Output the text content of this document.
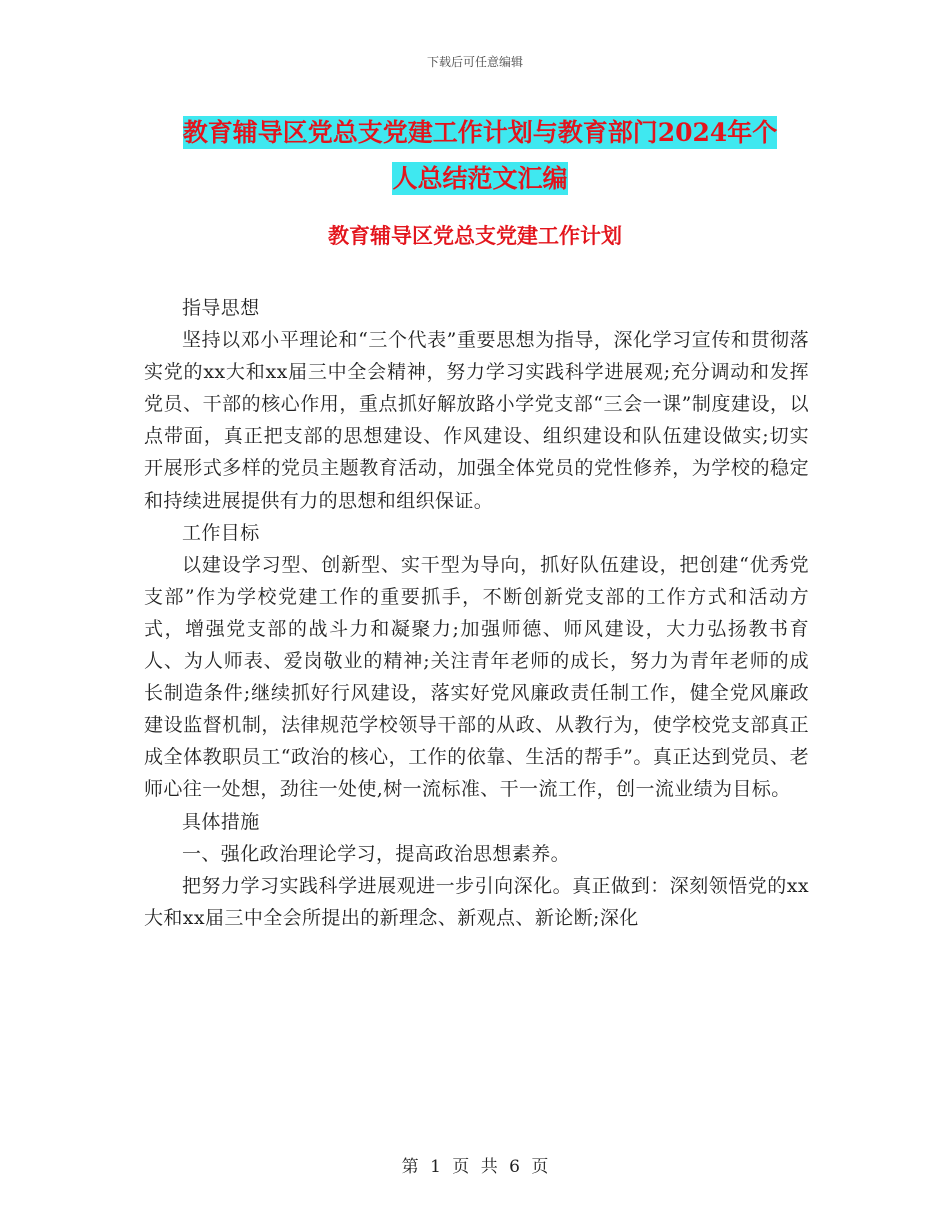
下载后可任意编辑
教育辅导区党总支党建工作计划与教育部门2024年个
人总结范文汇编
教育辅导区党总支党建工作计划

指导思想

坚持以邓小平理论和“三个代表”重要思想为指导，深化学习宣传和贯彻落实党的xx大和xx届三中全会精神，努力学习实践科学进展观;充分调动和发挥党员、干部的核心作用，重点抓好解放路小学党支部“三会一课”制度建设，以点带面，真正把支部的思想建设、作风建设、组织建设和队伍建设做实;切实开展形式多样的党员主题教育活动，加强全体党员的党性修养，为学校的稳定和持续进展提供有力的思想和组织保证。

工作目标

以建设学习型、创新型、实干型为导向，抓好队伍建设，把创建“优秀党支部”作为学校党建工作的重要抓手，不断创新党支部的工作方式和活动方式，增强党支部的战斗力和凝聚力;加强师德、师风建设，大力弘扬教书育人、为人师表、爱岗敬业的精神;关注青年老师的成长，努力为青年老师的成长制造条件;继续抓好行风建设，落实好党风廉政责任制工作，健全党风廉政建设监督机制，法律规范学校领导干部的从政、从教行为，使学校党支部真正成全体教职员工“政治的核心，工作的依靠、生活的帮手”。真正达到党员、老师心往一处想，劲往一处使,树一流标准、干一流工作，创一流业绩为目标。

具体措施

一、强化政治理论学习，提高政治思想素养。

把努力学习实践科学进展观进一步引向深化。真正做到：深刻领悟党的xx大和xx届三中全会所提出的新理念、新观点、新论断;深化

第 1 页 共 6 页
